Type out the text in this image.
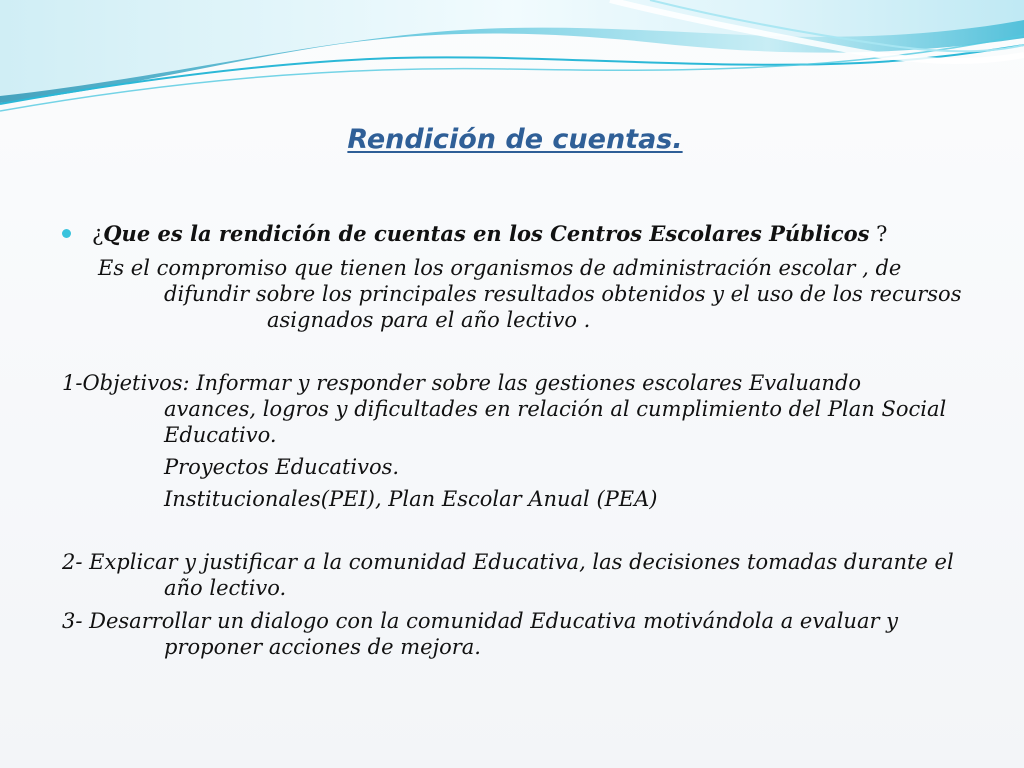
Rendición de cuentas.

¿Que es la rendición de cuentas en los Centros Escolares Públicos ?

Es el compromiso que tienen los organismos de administración escolar , de

difundir sobre los principales resultados obtenidos y el uso de los recursos

asignados para el año lectivo .

1-Objetivos: Informar y responder sobre las gestiones escolares Evaluando

avances, logros y dificultades en relación al cumplimiento del Plan Social

Educativo.

Proyectos Educativos.

Institucionales(PEI), Plan Escolar Anual (PEA)

2- Explicar y justificar a la comunidad Educativa, las decisiones tomadas durante el

año lectivo.

3- Desarrollar un dialogo con la comunidad Educativa motivándola a evaluar y

proponer acciones de mejora.
